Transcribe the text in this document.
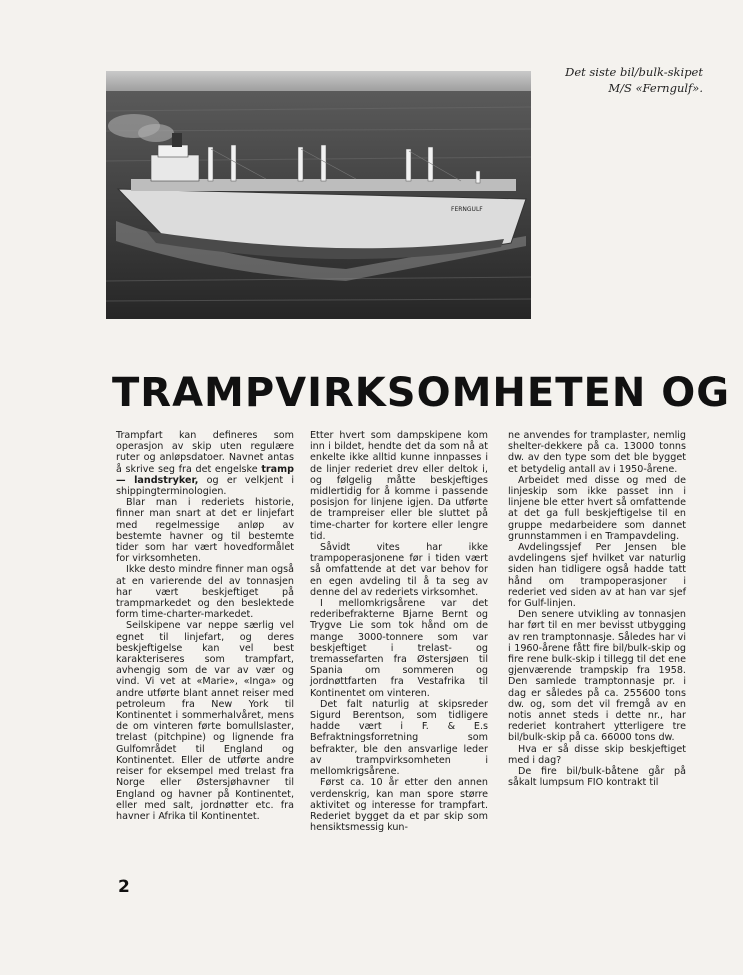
FERNGULF
Det siste bil/bulk-skipet
M/S «Ferngulf».
TRAMPVIRKSOMHETEN OG

Trampfart kan defineres som operasjon av skip uten regulære ruter og anløpsdatoer. Navnet antas å skrive seg fra det engelske tramp — landstryker, og er velkjent i shippingterminologien.

Blar man i rederiets historie, finner man snart at det er linjefart med regelmessige anløp av bestemte havner og til bestemte tider som har vært hovedformålet for virksomheten.

Ikke desto mindre finner man også at en varierende del av tonnasjen har vært beskjeftiget på trampmarkedet og den beslektede form time-charter-markedet.

Seilskipene var neppe særlig vel egnet til linjefart, og deres beskjeftigelse kan vel best karakteriseres som trampfart, avhengig som de var av vær og vind. Vi vet at «Marie», «Inga» og andre utførte blant annet reiser med petroleum fra New York til Kontinentet i sommerhalvåret, mens de om vinteren førte bomullslaster, trelast (pitchpine) og lignende fra Gulfområdet til England og Kontinentet. Eller de utførte andre reiser for eksempel med trelast fra Norge eller Østersjøhavner til England og havner på Kontinentet, eller med salt, jordnøtter etc. fra havner i Afrika til Kontinentet.

Etter hvert som dampskipene kom inn i bildet, hendte det da som nå at enkelte ikke alltid kunne innpasses i de linjer rederiet drev eller deltok i, og følgelig måtte beskjeftiges midlertidig for å komme i passende posisjon for linjene igjen. Da utførte de trampreiser eller ble sluttet på time-charter for kortere eller lengre tid.

Såvidt vites har ikke trampoperasjonene før i tiden vært så omfattende at det var behov for en egen avdeling til å ta seg av denne del av rederiets virksomhet.

I mellomkrigsårene var det rederibefrakterne Bjarne Bernt og Trygve Lie som tok hånd om de mange 3000-tonnere som var beskjeftiget i trelast- og tremassefarten fra Østersjøen til Spania om sommeren og jordnøttfarten fra Vestafrika til Kontinentet om vinteren.

Det falt naturlig at skipsreder Sigurd Berentson, som tidligere hadde vært i F. & E.s Befraktningsforretning som befrakter, ble den ansvarlige leder av trampvirksomheten i mellomkrigsårene.

Først ca. 10 år etter den annen verdenskrig, kan man spore større aktivitet og interesse for trampfart. Rederiet bygget da et par skip som hensiktsmessig kun-

ne anvendes for tramplaster, nemlig shelter-dekkere på ca. 13000 tonns dw. av den type som det ble bygget et betydelig antall av i 1950-årene.

Arbeidet med disse og med de linjeskip som ikke passet inn i linjene ble etter hvert så omfattende at det ga full beskjeftigelse til en gruppe medarbeidere som dannet grunnstammen i en Trampavdeling.

Avdelingssjef Per Jensen ble avdelingens sjef hvilket var naturlig siden han tidligere også hadde tatt hånd om trampoperasjoner i rederiet ved siden av at han var sjef for Gulf-linjen.

Den senere utvikling av tonnasjen har ført til en mer bevisst utbygging av ren tramptonnasje. Således har vi i 1960-årene fått fire bil/bulk-skip og fire rene bulk-skip i tillegg til det ene gjenværende trampskip fra 1958. Den samlede tramptonnasje pr. i dag er således på ca. 255600 tons dw. og, som det vil fremgå av en notis annet steds i dette nr., har rederiet kontrahert ytterligere tre bil/bulk-skip på ca. 66000 tons dw.

Hva er så disse skip beskjeftiget med i dag?

De fire bil/bulk-båtene går på såkalt lumpsum FIO kontrakt til

2
